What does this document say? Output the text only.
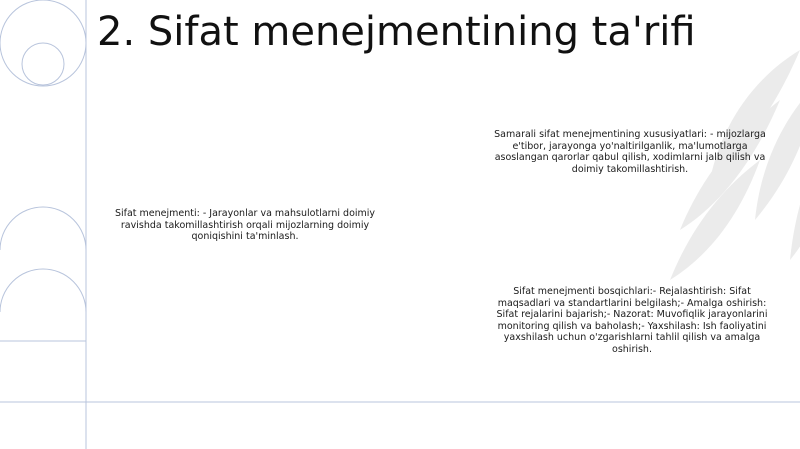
2. Sifat menejmentining ta'rifi
Sifat menejmenti: - Jarayonlar va mahsulotlarni doimiy ravishda takomillashtirish orqali mijozlarning doimiy qoniqishini ta'minlash.
Samarali sifat menejmentining xususiyatlari: - mijozlarga e'tibor, jarayonga yo'naltirilganlik, ma'lumotlarga asoslangan qarorlar qabul qilish, xodimlarni jalb qilish va doimiy takomillashtirish.
Sifat menejmenti bosqichlari:- Rejalashtirish: Sifat maqsadlari va standartlarini belgilash;- Amalga oshirish: Sifat rejalarini bajarish;- Nazorat: Muvofiqlik jarayonlarini monitoring qilish va baholash;- Yaxshilash: Ish faoliyatini yaxshilash uchun o'zgarishlarni tahlil qilish va amalga oshirish.
